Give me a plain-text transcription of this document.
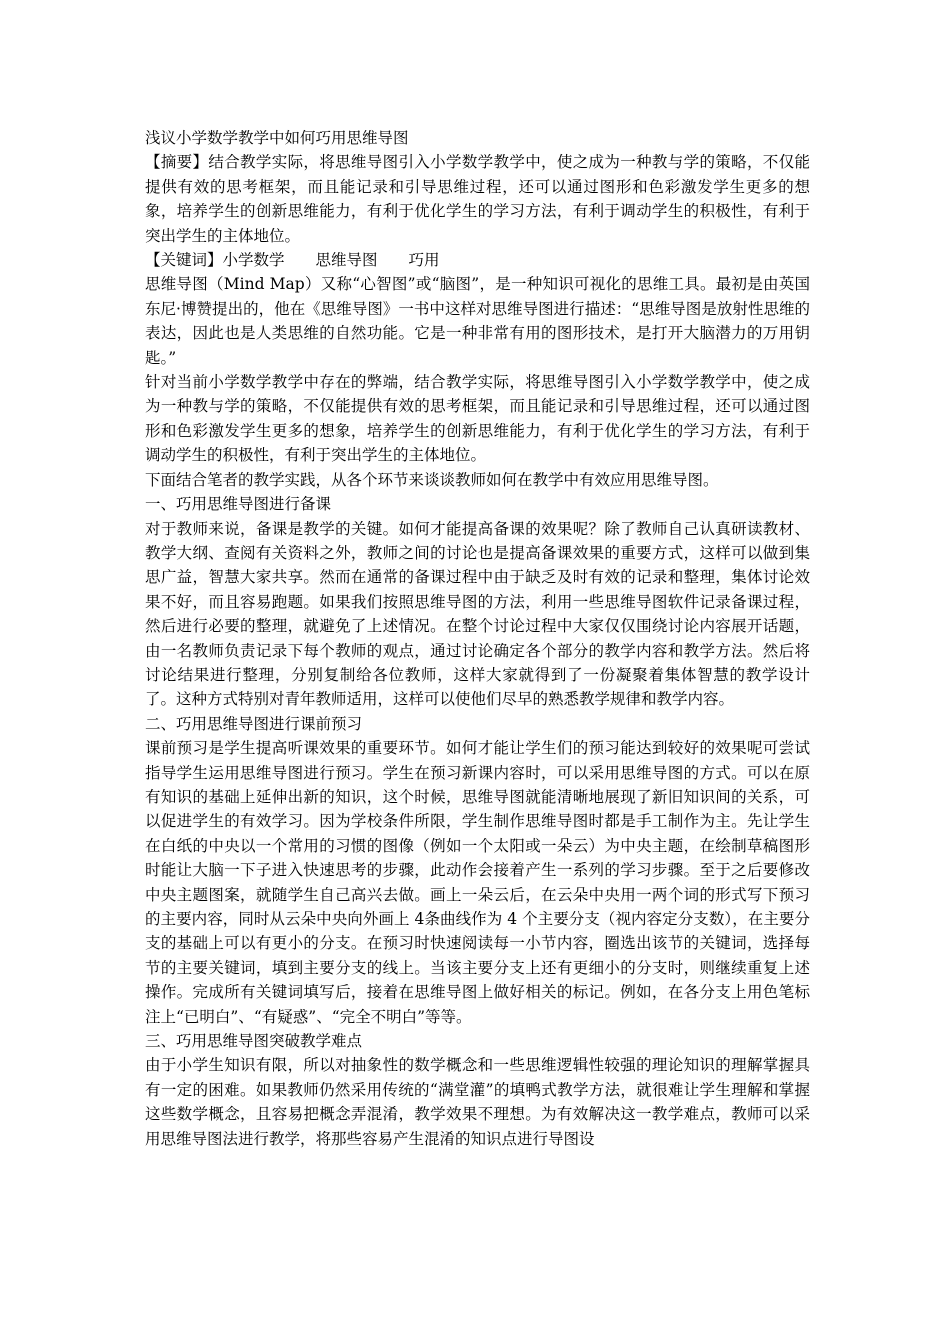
浅议小学数学教学中如何巧用思维导图

【摘要】结合教学实际，将思维导图引入小学数学教学中，使之成为一种教与学的策略，不仅能提供有效的思考框架，而且能记录和引导思维过程，还可以通过图形和色彩激发学生更多的想象，培养学生的创新思维能力，有利于优化学生的学习方法，有利于调动学生的积极性，有利于突出学生的主体地位。

【关键词】小学数学　　思维导图　　巧用

思维导图（Mind Map）又称“心智图”或“脑图”，是一种知识可视化的思维工具。最初是由英国东尼·博赞提出的，他在《思维导图》一书中这样对思维导图进行描述：“思维导图是放射性思维的表达，因此也是人类思维的自然功能。它是一种非常有用的图形技术，是打开大脑潜力的万用钥匙。”

针对当前小学数学教学中存在的弊端，结合教学实际，将思维导图引入小学数学教学中，使之成为一种教与学的策略，不仅能提供有效的思考框架，而且能记录和引导思维过程，还可以通过图形和色彩激发学生更多的想象，培养学生的创新思维能力，有利于优化学生的学习方法，有利于调动学生的积极性，有利于突出学生的主体地位。

下面结合笔者的教学实践，从各个环节来谈谈教师如何在教学中有效应用思维导图。

一、巧用思维导图进行备课

对于教师来说，备课是教学的关键。如何才能提高备课的效果呢？除了教师自己认真研读教材、教学大纲、查阅有关资料之外，教师之间的讨论也是提高备课效果的重要方式，这样可以做到集思广益，智慧大家共享。然而在通常的备课过程中由于缺乏及时有效的记录和整理，集体讨论效果不好，而且容易跑题。如果我们按照思维导图的方法，利用一些思维导图软件记录备课过程，然后进行必要的整理，就避免了上述情况。在整个讨论过程中大家仅仅围绕讨论内容展开话题，由一名教师负责记录下每个教师的观点，通过讨论确定各个部分的教学内容和教学方法。然后将讨论结果进行整理，分别复制给各位教师，这样大家就得到了一份凝聚着集体智慧的教学设计了。这种方式特别对青年教师适用，这样可以使他们尽早的熟悉教学规律和教学内容。

二、巧用思维导图进行课前预习

课前预习是学生提高听课效果的重要环节。如何才能让学生们的预习能达到较好的效果呢可尝试指导学生运用思维导图进行预习。学生在预习新课内容时，可以采用思维导图的方式。可以在原有知识的基础上延伸出新的知识，这个时候，思维导图就能清晰地展现了新旧知识间的关系，可以促进学生的有效学习。因为学校条件所限，学生制作思维导图时都是手工制作为主。先让学生在白纸的中央以一个常用的习惯的图像（例如一个太阳或一朵云）为中央主题，在绘制草稿图形时能让大脑一下子进入快速思考的步骤，此动作会接着产生一系列的学习步骤。至于之后要修改中央主题图案，就随学生自己高兴去做。画上一朵云后，在云朵中央用一两个词的形式写下预习的主要内容，同时从云朵中央向外画上 4条曲线作为 4 个主要分支（视内容定分支数），在主要分支的基础上可以有更小的分支。在预习时快速阅读每一小节内容，圈选出该节的关键词，选择每节的主要关键词，填到主要分支的线上。当该主要分支上还有更细小的分支时，则继续重复上述操作。完成所有关键词填写后，接着在思维导图上做好相关的标记。例如，在各分支上用色笔标注上“已明白”、“有疑惑”、“完全不明白”等等。

三、巧用思维导图突破教学难点

由于小学生知识有限，所以对抽象性的数学概念和一些思维逻辑性较强的理论知识的理解掌握具有一定的困难。如果教师仍然采用传统的“满堂灌”的填鸭式教学方法，就很难让学生理解和掌握这些数学概念，且容易把概念弄混淆，教学效果不理想。为有效解决这一教学难点，教师可以采用思维导图法进行教学，将那些容易产生混淆的知识点进行导图设
